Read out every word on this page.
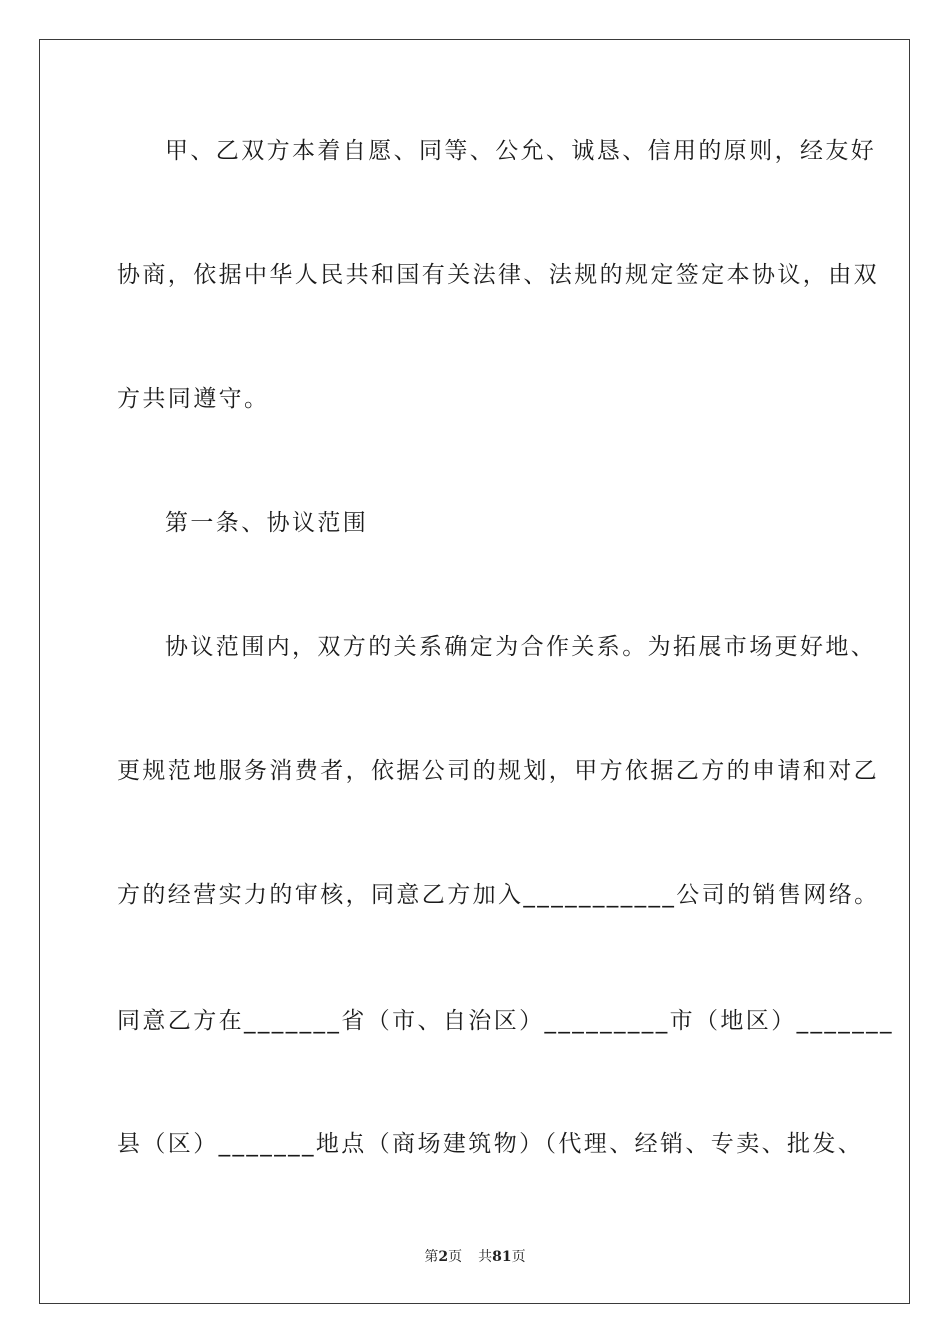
甲、乙双方本着自愿、同等、公允、诚恳、信用的原则，经友好
协商，依据中华人民共和国有关法律、法规的规定签定本协议，由双
方共同遵守。
第一条、协议范围
协议范围内，双方的关系确定为合作关系。为拓展市场更好地、
更规范地服务消费者，依据公司的规划，甲方依据乙方的申请和对乙
方的经营实力的审核，同意乙方加入___________公司的销售网络。
同意乙方在_______省（市、自治区）_________市（地区）_______
县（区）_______地点（商场建筑物）（代理、经销、专卖、批发、
第2页 共81页
